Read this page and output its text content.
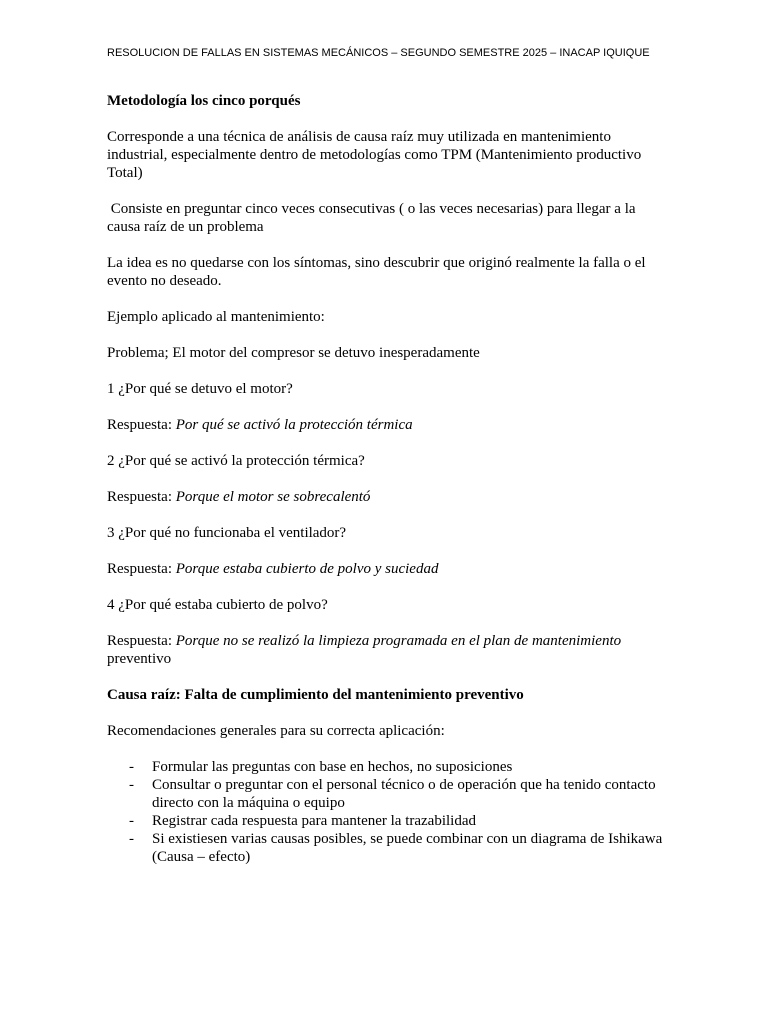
RESOLUCION DE FALLAS EN SISTEMAS MECÁNICOS – SEGUNDO SEMESTRE 2025 – INACAP IQUIQUE

Metodología los cinco porqués

Corresponde a una técnica de análisis de causa raíz muy utilizada en mantenimiento industrial, especialmente dentro de metodologías como TPM (Mantenimiento productivo Total)

Consiste en preguntar cinco veces consecutivas ( o las veces necesarias) para llegar a la causa raíz de un problema

La idea es no quedarse con los síntomas, sino descubrir que originó realmente la falla o el evento no deseado.

Ejemplo aplicado al mantenimiento:

Problema; El motor del compresor se detuvo inesperadamente

1 ¿Por qué se detuvo el motor?

Respuesta: Por qué se activó la protección térmica

2 ¿Por qué se activó la protección térmica?

Respuesta: Porque el motor se sobrecalentó

3 ¿Por qué no funcionaba el ventilador?

Respuesta: Porque estaba cubierto de polvo y suciedad

4 ¿Por qué estaba cubierto de polvo?

Respuesta: Porque no se realizó la limpieza programada en el plan de mantenimiento preventivo

Causa raíz: Falta de cumplimiento del mantenimiento preventivo

Recomendaciones generales para su correcta aplicación:

- Formular las preguntas con base en hechos, no suposiciones
- Consultar o preguntar con el personal técnico o de operación que ha tenido contacto directo con la máquina o equipo
- Registrar cada respuesta para mantener la trazabilidad
- Si existiesen varias causas posibles, se puede combinar con un diagrama de Ishikawa (Causa – efecto)
